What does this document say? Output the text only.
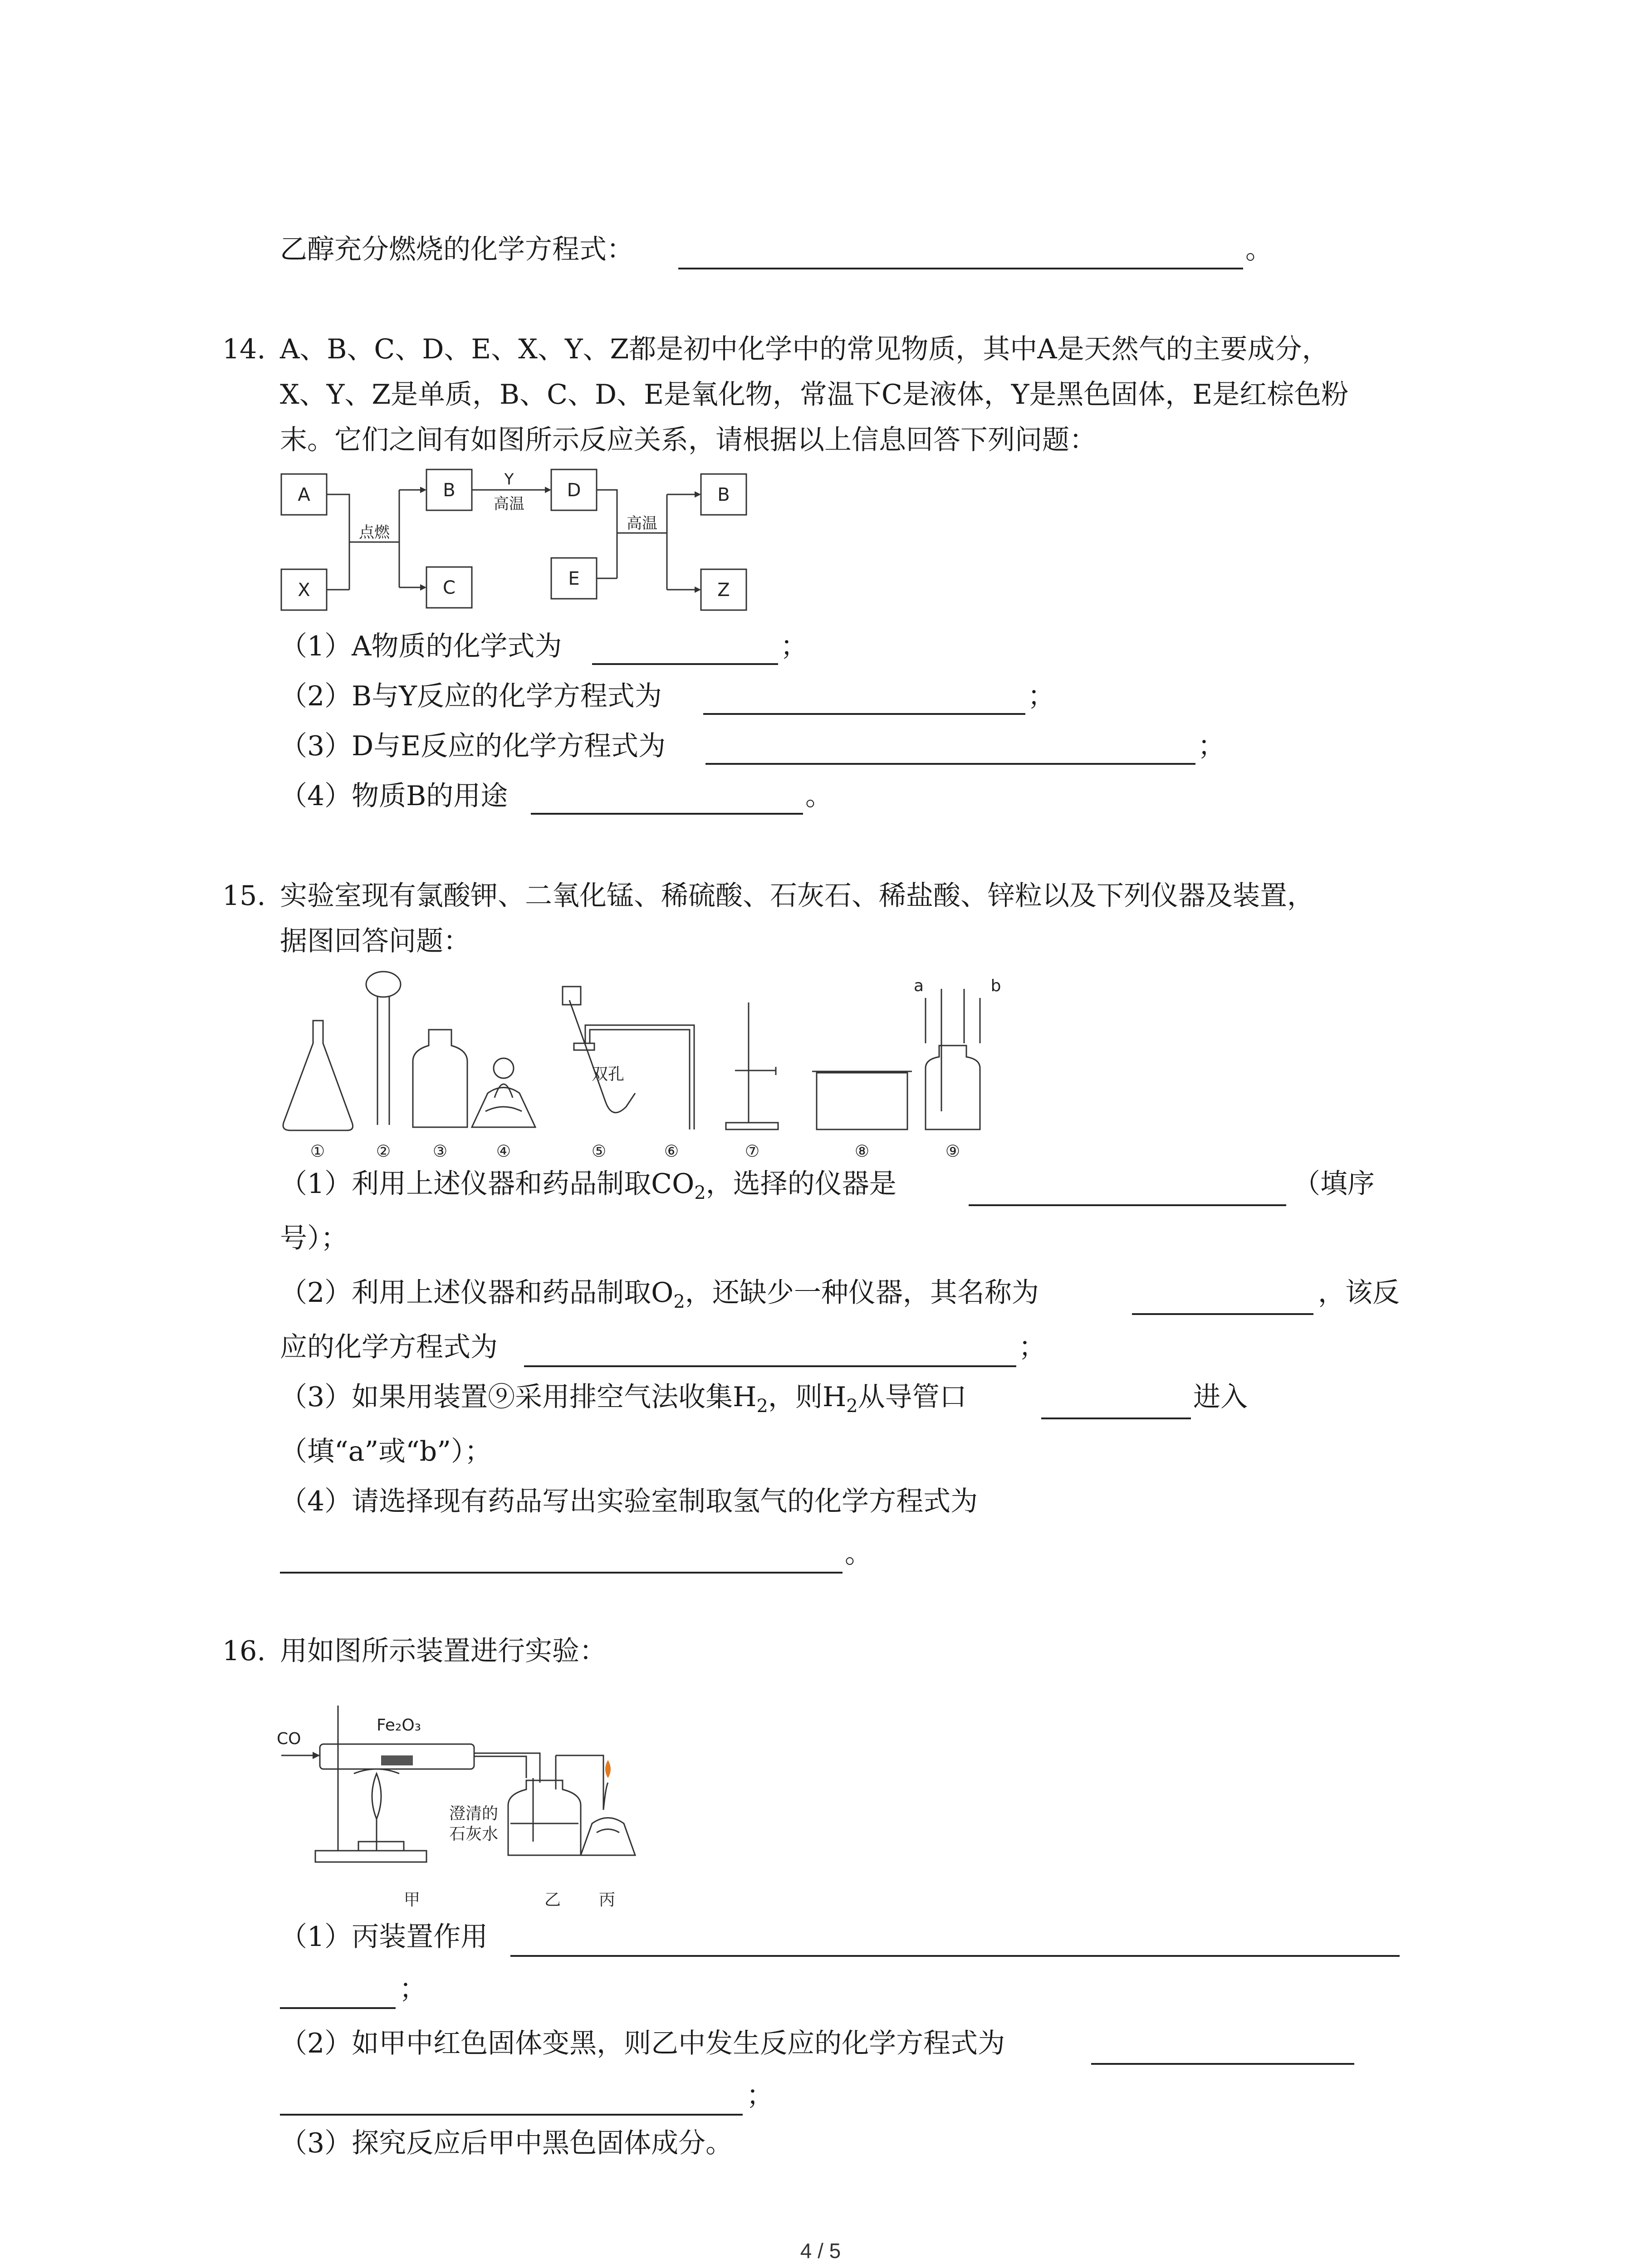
乙醇充分燃烧的化学方程式：	。
14. A、B、C、D、E、X、Y、Z都是初中化学中的常见物质，其中A是天然气的主要成分，
X、Y、Z是单质，B、C、D、E是氧化物，常温下C是液体，Y是黑色固体，E是红棕色粉
末。它们之间有如图所示反应关系，请根据以上信息回答下列问题：
A
X
B
C
D
E
B
Z
点燃
Y
高温
高温
（1）A物质的化学式为	；
（2）B与Y反应的化学方程式为	；
（3）D与E反应的化学方程式为	；
（4）物质B的用途	。
15. 实验室现有氯酸钾、二氧化锰、稀硫酸、石灰石、稀盐酸、锌粒以及下列仪器及装置，
据图回答问题：
①	②	③	④	⑤	⑥	⑦	⑧	⑨
双孔
a	b
（1）利用上述仪器和药品制取$CO_2$，选择的仪器是	（填序
号）；
（2）利用上述仪器和药品制取$O_2$，还缺少一种仪器，其名称为	，该反
应的化学方程式为	；
（3）如果用装置⑨采用排空气法收集$H_2$，则$H_2$从导管口	进入
（填“a”或“b”）；
（4）请选择现有药品写出实验室制取氢气的化学方程式为
。
16. 用如图所示装置进行实验：
CO
Fe₂O₃
澄清的
石灰水
甲	乙 丙
（1）丙装置作用
；
（2）如甲中红色固体变黑，则乙中发生反应的化学方程式为
；
（3）探究反应后甲中黑色固体成分。
4 / 5
